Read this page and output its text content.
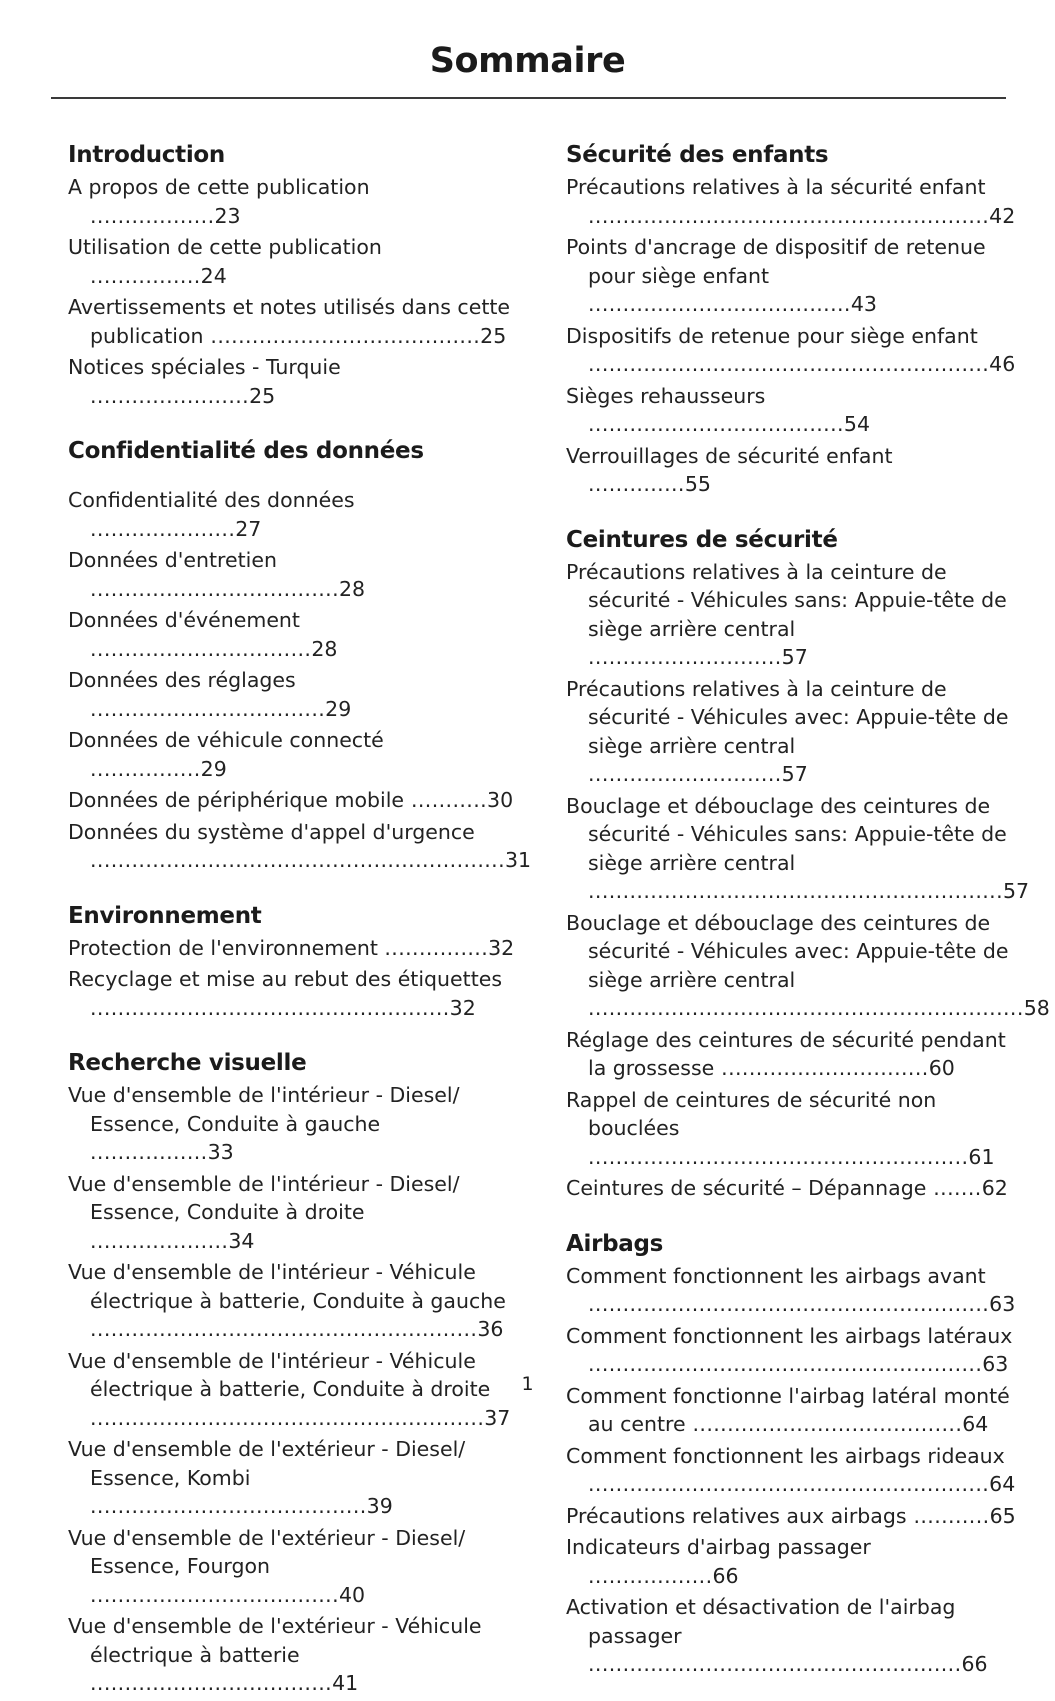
Sommaire
Introduction
A propos de cette publication ..................23
Utilisation de cette publication ................24
Avertissements et notes utilisés dans cette publication .......................................25
Notices spéciales - Turquie .......................25
Confidentialité des données
Confidentialité des données .....................27
Données d'entretien ....................................28
Données d'événement ................................28
Données des réglages ..................................29
Données de véhicule connecté ................29
Données de périphérique mobile ...........30
Données du système d'appel d'urgence ............................................................31
Environnement
Protection de l'environnement ...............32
Recyclage et mise au rebut des étiquettes ....................................................32
Recherche visuelle
Vue d'ensemble de l'intérieur - Diesel/ Essence, Conduite à gauche .................33
Vue d'ensemble de l'intérieur - Diesel/ Essence, Conduite à droite ....................34
Vue d'ensemble de l'intérieur - Véhicule électrique à batterie, Conduite à gauche ........................................................36
Vue d'ensemble de l'intérieur - Véhicule électrique à batterie, Conduite à droite .........................................................37
Vue d'ensemble de l'extérieur - Diesel/ Essence, Kombi ........................................39
Vue d'ensemble de l'extérieur - Diesel/ Essence, Fourgon ....................................40
Vue d'ensemble de l'extérieur - Véhicule électrique à batterie ...................................41
Sécurité des enfants
Précautions relatives à la sécurité enfant ..........................................................42
Points d'ancrage de dispositif de retenue pour siège enfant ......................................43
Dispositifs de retenue pour siège enfant ..........................................................46
Sièges rehausseurs .....................................54
Verrouillages de sécurité enfant ..............55
Ceintures de sécurité
Précautions relatives à la ceinture de sécurité - Véhicules sans: Appuie-tête de siège arrière central ............................57
Précautions relatives à la ceinture de sécurité - Véhicules avec: Appuie-tête de siège arrière central ............................57
Bouclage et débouclage des ceintures de sécurité - Véhicules sans: Appuie-tête de siège arrière central ............................................................57
Bouclage et débouclage des ceintures de sécurité - Véhicules avec: Appuie-tête de siège arrière central ...............................................................58
Réglage des ceintures de sécurité pendant la grossesse ..............................60
Rappel de ceintures de sécurité non bouclées .......................................................61
Ceintures de sécurité – Dépannage .......62
Airbags
Comment fonctionnent les airbags avant ..........................................................63
Comment fonctionnent les airbags latéraux .........................................................63
Comment fonctionne l'airbag latéral monté au centre .......................................64
Comment fonctionnent les airbags rideaux ..........................................................64
Précautions relatives aux airbags ...........65
Indicateurs d'airbag passager ..................66
Activation et désactivation de l'airbag passager ......................................................66
1
